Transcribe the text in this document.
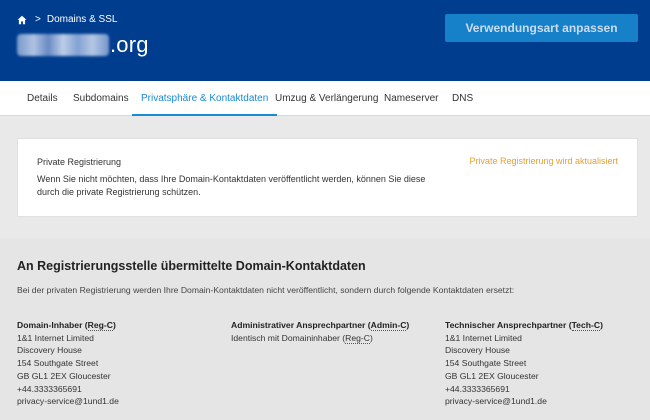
> Domains & SSL
.org
Verwendungsart anpassen
Details Subdomains Privatsphäre & Kontaktdaten Umzug & Verlängerung Nameserver DNS
Private Registrierung
Wenn Sie nicht möchten, dass Ihre Domain-Kontaktdaten veröffentlicht werden, können Sie diese durch die private Registrierung schützen.
Private Registrierung wird aktualisiert
An Registrierungsstelle übermittelte Domain-Kontaktdaten
Bei der privaten Registrierung werden Ihre Domain-Kontaktdaten nicht veröffentlicht, sondern durch folgende Kontaktdaten ersetzt:
Domain-Inhaber (Reg-C)
1&1 Internet Limited
Discovery House
154 Southgate Street
GB GL1 2EX Gloucester
+44.3333365691
privacy-service@1und1.de
Administrativer Ansprechpartner (Admin-C)
Identisch mit Domaininhaber (Reg-C)
Technischer Ansprechpartner (Tech-C)
1&1 Internet Limited
Discovery House
154 Southgate Street
GB GL1 2EX Gloucester
+44.3333365691
privacy-service@1und1.de
